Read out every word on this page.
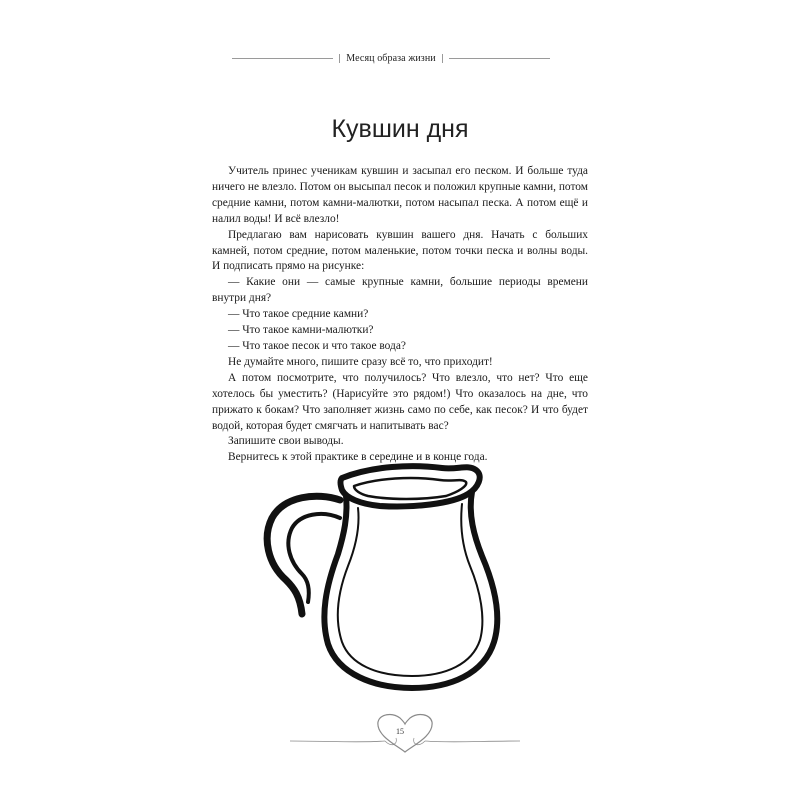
Месяц образа жизни
Кувшин дня

Учитель принес ученикам кувшин и засыпал его песком. И больше туда ничего не влезло. Потом он высыпал песок и положил крупные камни, потом средние камни, потом камни-малютки, потом насыпал песка. А потом ещё и налил воды! И всё влезло!

Предлагаю вам нарисовать кувшин вашего дня. Начать с больших камней, потом средние, потом маленькие, потом точки песка и волны воды. И подписать прямо на рисунке:

— Какие они — самые крупные камни, большие периоды времени внутри дня?

— Что такое средние камни?

— Что такое камни-малютки?

— Что такое песок и что такое вода?

Не думайте много, пишите сразу всё то, что приходит!

А потом посмотрите, что получилось? Что влезло, что нет? Что еще хотелось бы уместить? (Нарисуйте это рядом!) Что оказалось на дне, что прижато к бокам? Что заполняет жизнь само по себе, как песок? И что будет водой, которая будет смягчать и напитывать вас?

Запишите свои выводы.

Вернитесь к этой практике в середине и в конце года.

15
